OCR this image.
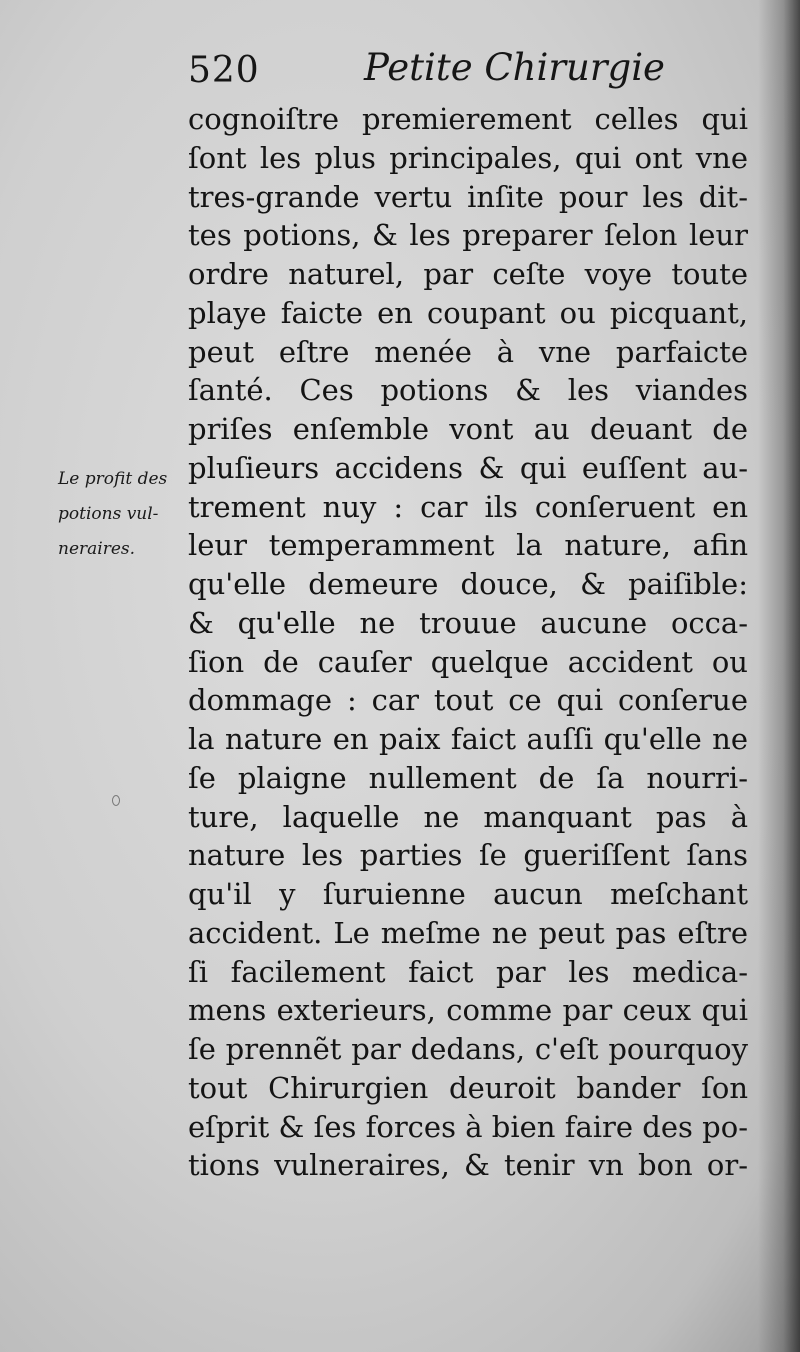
520	Petite Chirurgie
Le profit des
potions vul-
neraires.
cognoiſtre premierement celles qui
ſont les plus principales, qui ont vne
tres-grande vertu inſite pour les dit-
tes potions, & les preparer ſelon leur
ordre naturel, par ceſte voye toute
playe faicte en coupant ou picquant,
peut eſtre menée à vne parfaicte
ſanté. Ces potions & les viandes
priſes enſemble vont au deuant de
pluſieurs accidens & qui euſſent au-
trement nuy : car ils conſeruent en
leur temperamment la nature, afin
qu'elle demeure douce, & paiſible:
& qu'elle ne trouue aucune occa-
ſion de cauſer quelque accident ou
dommage : car tout ce qui conſerue
la nature en paix faict auſſi qu'elle ne
ſe plaigne nullement de ſa nourri-
ture, laquelle ne manquant pas à
nature les parties ſe gueriſſent ſans
qu'il y ſuruienne aucun meſchant
accident. Le meſme ne peut pas eſtre
ſi facilement faict par les medica-
mens exterieurs, comme par ceux qui
ſe prennẽt par dedans, c'eſt pourquoy
tout Chirurgien deuroit bander ſon
eſprit & ſes forces à bien faire des po-
tions vulneraires, & tenir vn bon or-
